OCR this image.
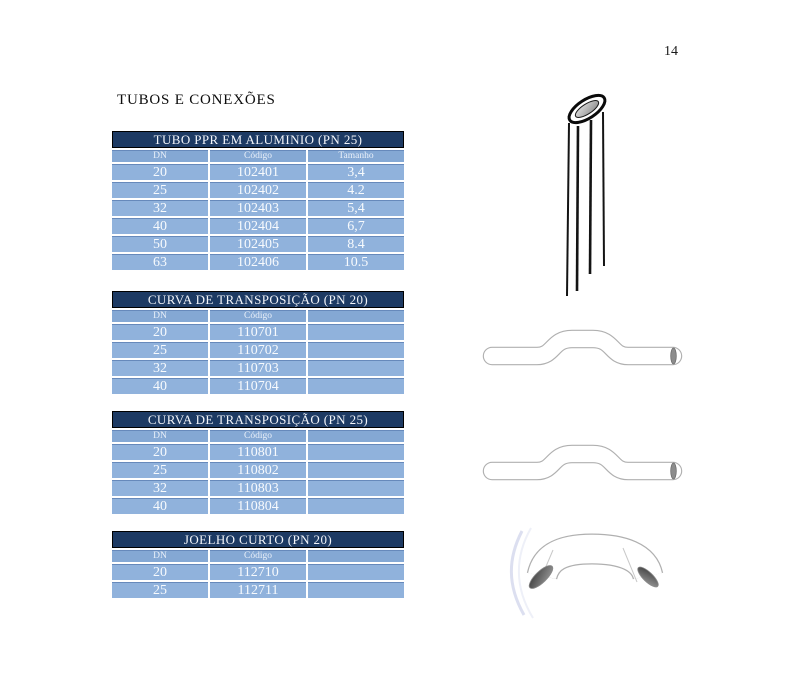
14
TUBOS E CONEXÕES
TUBO PPR EM ALUMINIO (PN 25)		
DN	Código	Tamanho
20	102401	3,4
25	102402	4.2
32	102403	5,4
40	102404	6,7
50	102405	8.4
63	102406	10.5
CURVA DE TRANSPOSIÇÃO (PN 20)		
DN	Código	
20	110701	
25	110702	
32	110703	
40	110704	
CURVA DE TRANSPOSIÇÃO (PN 25)		
DN	Código	
20	110801	
25	110802	
32	110803	
40	110804	
JOELHO CURTO (PN 20)		
DN	Código	
20	112710	
25	112711	
